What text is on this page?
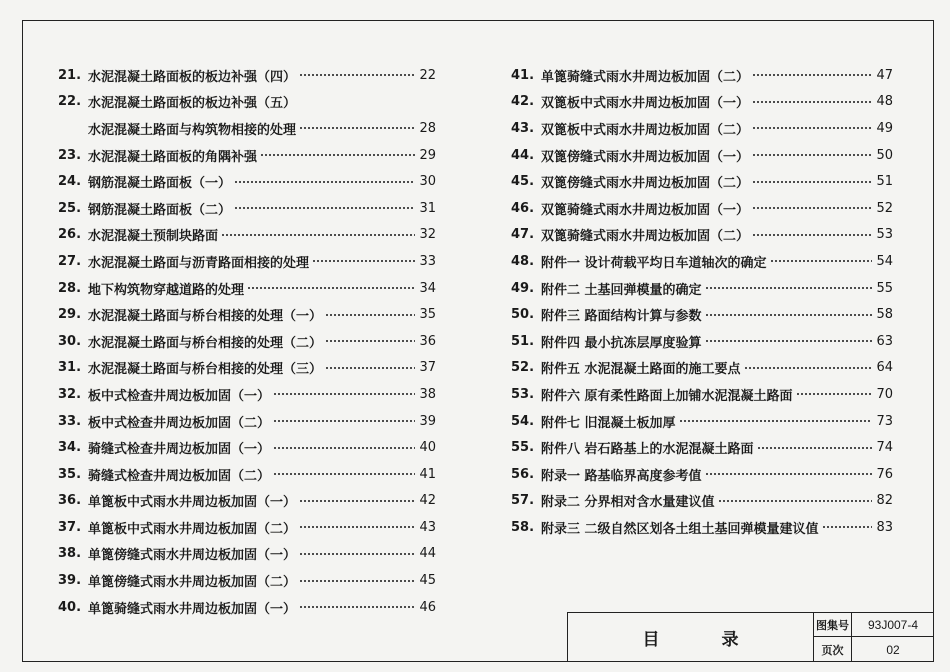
21. 水泥混凝土路面板的板边补强（四）	22
22. 水泥混凝土路面板的板边补强（五）
水泥混凝土路面与构筑物相接的处理	28
23. 水泥混凝土路面板的角隅补强	29
24. 钢筋混凝土路面板（一）	30
25. 钢筋混凝土路面板（二）	31
26. 水泥混凝土预制块路面	32
27. 水泥混凝土路面与沥青路面相接的处理	33
28. 地下构筑物穿越道路的处理	34
29. 水泥混凝土路面与桥台相接的处理（一）	35
30. 水泥混凝土路面与桥台相接的处理（二）	36
31. 水泥混凝土路面与桥台相接的处理（三）	37
32. 板中式检查井周边板加固（一）	38
33. 板中式检查井周边板加固（二）	39
34. 骑缝式检查井周边板加固（一）	40
35. 骑缝式检查井周边板加固（二）	41
36. 单篦板中式雨水井周边板加固（一）	42
37. 单篦板中式雨水井周边板加固（二）	43
38. 单篦傍缝式雨水井周边板加固（一）	44
39. 单篦傍缝式雨水井周边板加固（二）	45
40. 单篦骑缝式雨水井周边板加固（一）	46
41. 单篦骑缝式雨水井周边板加固（二）	47
42. 双篦板中式雨水井周边板加固（一）	48
43. 双篦板中式雨水井周边板加固（二）	49
44. 双篦傍缝式雨水井周边板加固（一）	50
45. 双篦傍缝式雨水井周边板加固（二）	51
46. 双篦骑缝式雨水井周边板加固（一）	52
47. 双篦骑缝式雨水井周边板加固（二）	53
48. 附件一 设计荷载平均日车道轴次的确定	54
49. 附件二 土基回弹模量的确定	55
50. 附件三 路面结构计算与参数	58
51. 附件四 最小抗冻层厚度验算	63
52. 附件五 水泥混凝土路面的施工要点	64
53. 附件六 原有柔性路面上加铺水泥混凝土路面	70
54. 附件七 旧混凝土板加厚	73
55. 附件八 岩石路基上的水泥混凝土路面	74
56. 附录一 路基临界高度参考值	76
57. 附录二 分界相对含水量建议值	82
58. 附录三 二级自然区划各土组土基回弹模量建议值	83
目录
图集号	93J007-4
页次	02
